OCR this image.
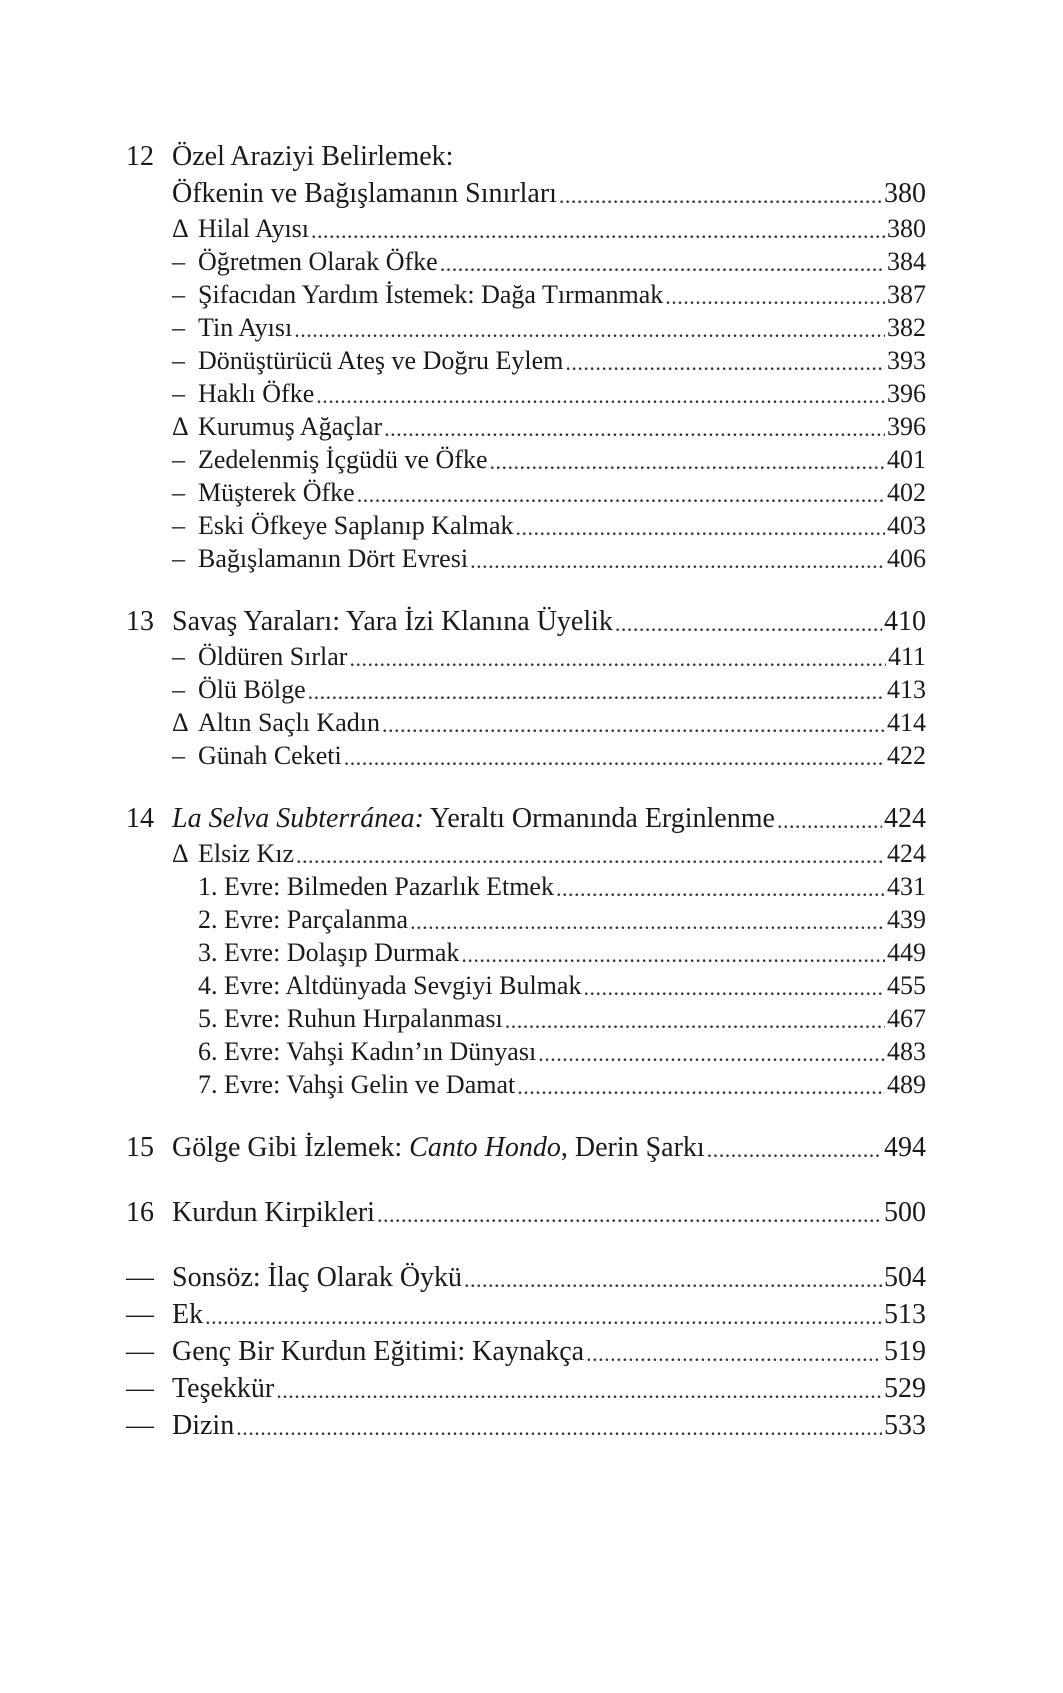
12 Özel Araziyi Belirlemek:
Öfkenin ve Bağışlamanın Sınırları .....	380
Δ Hilal Ayısı .....	380
– Öğretmen Olarak Öfke .....	384
– Şifacıdan Yardım İstemek: Dağa Tırmanmak .....	387
– Tin Ayısı .....	382
– Dönüştürücü Ateş ve Doğru Eylem .....	393
– Haklı Öfke .....	396
Δ Kurumuş Ağaçlar .....	396
– Zedelenmiş İçgüdü ve Öfke .....	401
– Müşterek Öfke .....	402
– Eski Öfkeye Saplanıp Kalmak .....	403
– Bağışlamanın Dört Evresi .....	406
13 Savaş Yaraları: Yara İzi Klanına Üyelik .....	410
– Öldüren Sırlar .....	411
– Ölü Bölge .....	413
Δ Altın Saçlı Kadın .....	414
– Günah Ceketi .....	422
14 La Selva Subterránea: Yeraltı Ormanında Erginlenme .....	424
Δ Elsiz Kız .....	424
1. Evre: Bilmeden Pazarlık Etmek .....	431
2. Evre: Parçalanma .....	439
3. Evre: Dolaşıp Durmak .....	449
4. Evre: Altdünyada Sevgiyi Bulmak .....	455
5. Evre: Ruhun Hırpalanması .....	467
6. Evre: Vahşi Kadın’ın Dünyası .....	483
7. Evre: Vahşi Gelin ve Damat .....	489
15 Gölge Gibi İzlemek: Canto Hondo, Derin Şarkı .....	494
16 Kurdun Kirpikleri .....	500
— Sonsöz: İlaç Olarak Öykü .....	504
— Ek .....	513
— Genç Bir Kurdun Eğitimi: Kaynakça .....	519
— Teşekkür .....	529
— Dizin .....	533
